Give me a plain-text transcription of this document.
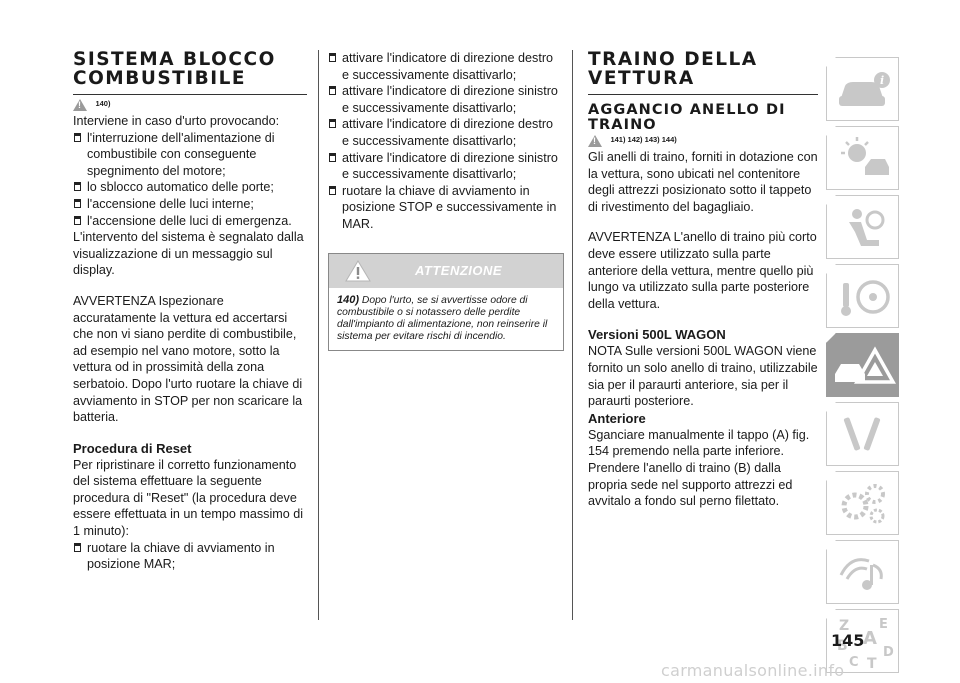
SISTEMA BLOCCO
COMBUSTIBILE
! $^{140)}$

Interviene in caso d'urto provocando:

l'interruzione dell'alimentazione di combustibile con conseguente spegnimento del motore;

lo sblocco automatico delle porte;

l'accensione delle luci interne;

l'accensione delle luci di emergenza.

L'intervento del sistema è segnalato dalla visualizzazione di un messaggio sul display.

AVVERTENZA Ispezionare accuratamente la vettura ed accertarsi che non vi siano perdite di combustibile, ad esempio nel vano motore, sotto la vettura od in prossimità della zona serbatoio. Dopo l'urto ruotare la chiave di avviamento in STOP per non scaricare la batteria.

Procedura di Reset

Per ripristinare il corretto funzionamento del sistema effettuare la seguente procedura di "Reset" (la procedura deve essere effettuata in un tempo massimo di 1 minuto):

ruotare la chiave di avviamento in posizione MAR;

attivare l'indicatore di direzione destro e successivamente disattivarlo;

attivare l'indicatore di direzione sinistro e successivamente disattivarlo;

attivare l'indicatore di direzione destro e successivamente disattivarlo;

attivare l'indicatore di direzione sinistro e successivamente disattivarlo;

ruotare la chiave di avviamento in posizione STOP e successivamente in MAR.

ATTENZIONE
140) Dopo l'urto, se si avvertisse odore di combustibile o si notassero delle perdite dall'impianto di alimentazione, non reinserire il sistema per evitare rischi di incendio.
TRAINO DELLA
VETTURA
AGGANCIO ANELLO DI
TRAINO
! $^{141) 142) 143) 144)}$

Gli anelli di traino, forniti in dotazione con la vettura, sono ubicati nel contenitore degli attrezzi posizionato sotto il tappeto di rivestimento del bagagliaio.

AVVERTENZA L'anello di traino più corto deve essere utilizzato sulla parte anteriore della vettura, mentre quello più lungo va utilizzato sulla parte posteriore della vettura.

Versioni 500L WAGON

NOTA Sulle versioni 500L WAGON viene fornito un solo anello di traino, utilizzabile sia per il paraurti anteriore, sia per il paraurti posteriore.

Anteriore

Sganciare manualmente il tappo (A) fig. 154 premendo nella parte inferiore. Prendere l'anello di traino (B) dalla propria sede nel supporto attrezzi ed avvitalo a fondo sul perno filettato.

i
Z E
A
B
C
D
T
145
carmanualsonline.info
